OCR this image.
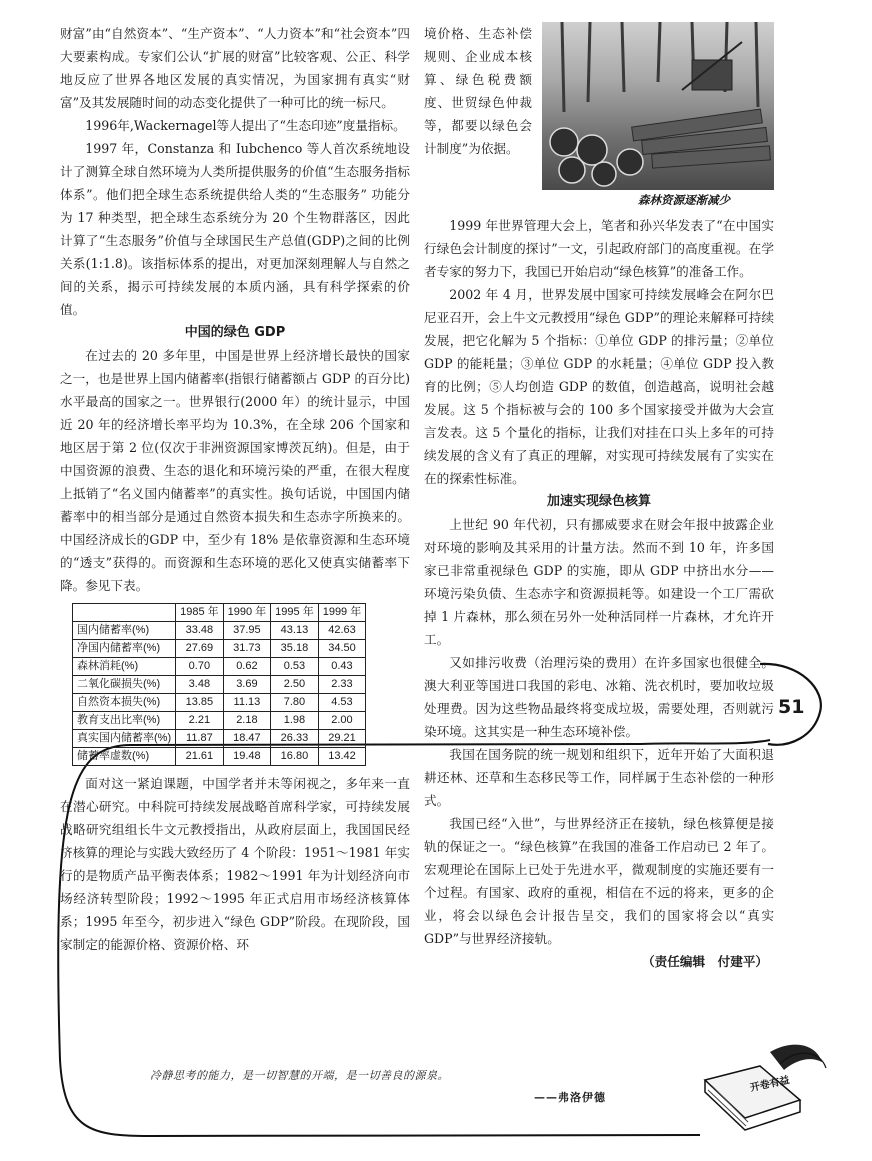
财富”由“自然资本”、“生产资本”、“人力资本”和“社会资本”四大要素构成。专家们公认“扩展的财富”比较客观、公正、科学地反应了世界各地区发展的真实情况，为国家拥有真实“财富”及其发展随时间的动态变化提供了一种可比的统一标尺。

1996年,Wackernagel等人提出了“生态印迹”度量指标。

1997 年，Constanza 和 Iubchenco 等人首次系统地设计了测算全球自然环境为人类所提供服务的价值“生态服务指标体系”。他们把全球生态系统提供给人类的“生态服务” 功能分为 17 种类型，把全球生态系统分为 20 个生物群落区，因此计算了“生态服务”价值与全球国民生产总值(GDP)之间的比例关系(1:1.8)。该指标体系的提出，对更加深刻理解人与自然之间的关系，揭示可持续发展的本质内涵，具有科学探索的价值。

中国的绿色 GDP

在过去的 20 多年里，中国是世界上经济增长最快的国家之一，也是世界上国内储蓄率(指银行储蓄额占 GDP 的百分比)水平最高的国家之一。世界银行(2000 年）的统计显示，中国近 20 年的经济增长率平均为 10.3%，在全球 206 个国家和地区居于第 2 位(仅次于非洲资源国家博茨瓦纳)。但是，由于中国资源的浪费、生态的退化和环境污染的严重，在很大程度上抵销了“名义国内储蓄率”的真实性。换句话说，中国国内储蓄率中的相当部分是通过自然资本损失和生态赤字所换来的。中国经济成长的GDP 中，至少有 18% 是依靠资源和生态环境的“透支”获得的。而资源和生态环境的恶化又使真实储蓄率下降。参见下表。

	1985 年	1990 年	1995 年	1999 年
国内储蓄率(%)	33.48	37.95	43.13	42.63
净国内储蓄率(%)	27.69	31.73	35.18	34.50
森林消耗(%)	0.70	0.62	0.53	0.43
二氧化碳损失(%)	3.48	3.69	2.50	2.33
自然资本损失(%)	13.85	11.13	7.80	4.53
教育支出比率(%)	2.21	2.18	1.98	2.00
真实国内储蓄率(%)	11.87	18.47	26.33	29.21
储蓄率虚数(%)	21.61	19.48	16.80	13.42

面对这一紧迫课题，中国学者并未等闲视之，多年来一直在潜心研究。中科院可持续发展战略首席科学家，可持续发展战略研究组组长牛文元教授指出，从政府层面上，我国国民经济核算的理论与实践大致经历了 4 个阶段：1951～1981 年实行的是物质产品平衡表体系；1982～1991 年为计划经济向市场经济转型阶段；1992～1995 年正式启用市场经济核算体系；1995 年至今，初步进入“绿色 GDP”阶段。在现阶段，国家制定的能源价格、资源价格、环

森林资源逐渐减少

境价格、生态补偿规则、企业成本核算、绿色税费额度、世贸绿色仲裁等，都要以绿色会计制度”为依据。

1999 年世界管理大会上，笔者和孙兴华发表了“在中国实行绿色会计制度的探讨”一文，引起政府部门的高度重视。在学者专家的努力下，我国已开始启动“绿色核算”的准备工作。

2002 年 4 月，世界发展中国家可持续发展峰会在阿尔巴尼亚召开，会上牛文元教授用“绿色 GDP”的理论来解释可持续发展，把它化解为 5 个指标：①单位 GDP 的排污量；②单位 GDP 的能耗量；③单位 GDP 的水耗量；④单位 GDP 投入教育的比例；⑤人均创造 GDP 的数值，创造越高，说明社会越发展。这 5 个指标被与会的 100 多个国家接受并做为大会宣言发表。这 5 个量化的指标，让我们对挂在口头上多年的可持续发展的含义有了真正的理解，对实现可持续发展有了实实在在的探索性标准。

加速实现绿色核算

上世纪 90 年代初，只有挪威要求在财会年报中披露企业对环境的影响及其采用的计量方法。然而不到 10 年，许多国家已非常重视绿色 GDP 的实施，即从 GDP 中挤出水分——环境污染负债、生态赤字和资源损耗等。如建设一个工厂需砍掉 1 片森林，那么须在另外一处种活同样一片森林，才允许开工。

又如排污收费（治理污染的费用）在许多国家也很健全。澳大利亚等国进口我国的彩电、冰箱、洗衣机时，要加收垃圾处理费。因为这些物品最终将变成垃圾，需要处理，否则就污染环境。这其实是一种生态环境补偿。

我国在国务院的统一规划和组织下，近年开始了大面积退耕还林、还草和生态移民等工作，同样属于生态补偿的一种形式。

我国已经“入世”，与世界经济正在接轨，绿色核算便是接轨的保证之一。“绿色核算”在我国的准备工作启动已 2 年了。宏观理论在国际上已处于先进水平，微观制度的实施还要有一个过程。有国家、政府的重视，相信在不远的将来，更多的企业，将会以绿色会计报告呈交，我们的国家将会以“真实 GDP”与世界经济接轨。

（责任编辑　付建平）
51
冷静思考的能力，是一切智慧的开端，是一切善良的源泉。
——弗洛伊德
开卷有益
